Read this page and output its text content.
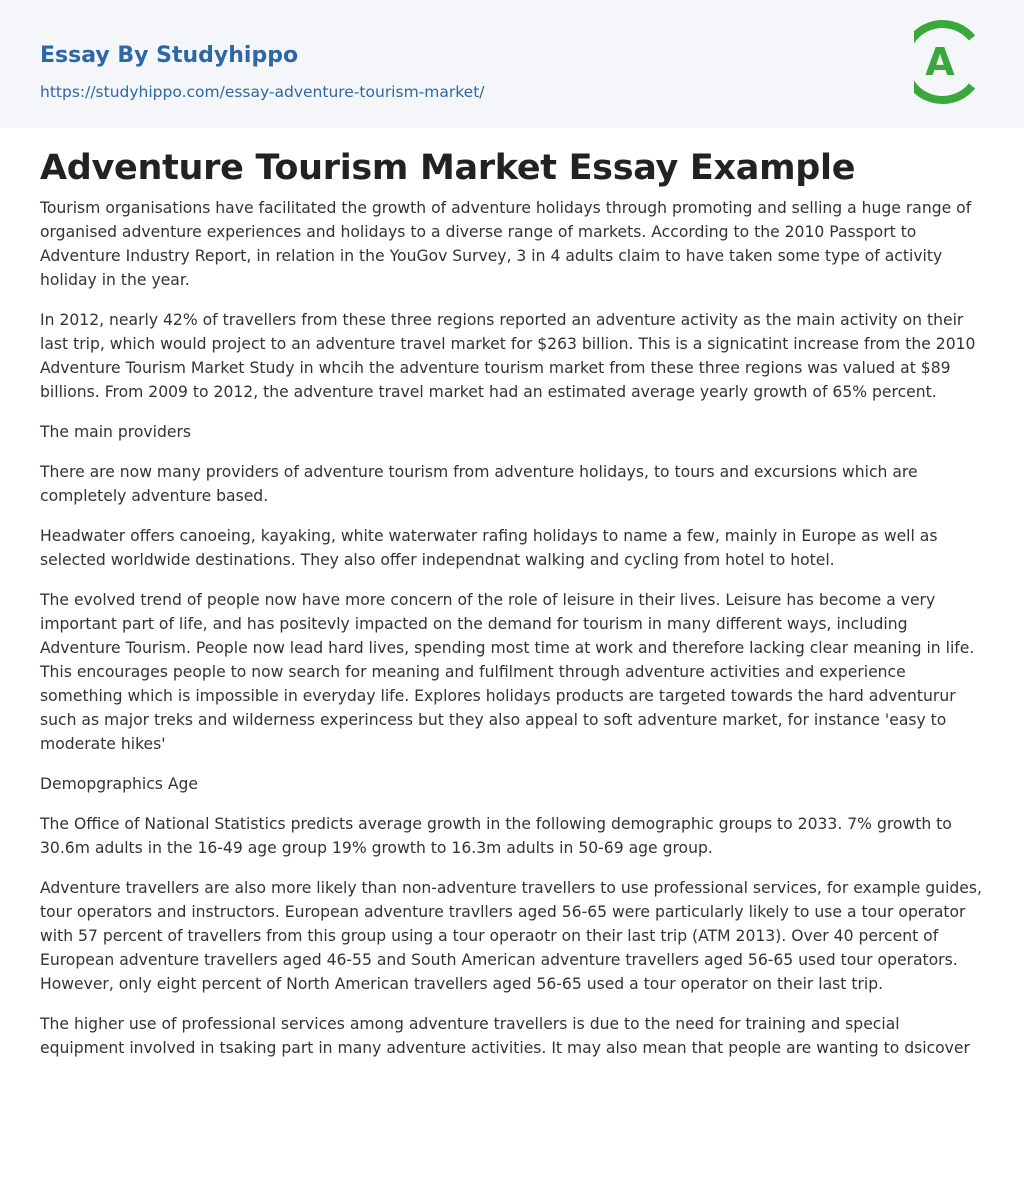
Essay By Studyhippo
https://studyhippo.com/essay-adventure-tourism-market/
A
Adventure Tourism Market Essay Example

Tourism organisations have facilitated the growth of adventure holidays through promoting and selling a huge range of organised adventure experiences and holidays to a diverse range of markets. According to the 2010 Passport to Adventure Industry Report, in relation in the YouGov Survey, 3 in 4 adults claim to have taken some type of activity holiday in the year.

In 2012, nearly 42% of travellers from these three regions reported an adventure activity as the main activity on their last trip, which would project to an adventure travel market for $263 billion. This is a signicatint increase from the 2010 Adventure Tourism Market Study in whcih the adventure tourism market from these three regions was valued at $89 billions. From 2009 to 2012, the adventure travel market had an estimated average yearly growth of 65% percent.

The main providers

There are now many providers of adventure tourism from adventure holidays, to tours and excursions which are completely adventure based.

Headwater offers canoeing, kayaking, white waterwater rafing holidays to name a few, mainly in Europe as well as selected worldwide destinations. They also offer independnat walking and cycling from hotel to hotel.

The evolved trend of people now have more concern of the role of leisure in their lives. Leisure has become a very important part of life, and has positevly impacted on the demand for tourism in many different ways, including Adventure Tourism. People now lead hard lives, spending most time at work and therefore lacking clear meaning in life. This encourages people to now search for meaning and fulfilment through adventure activities and experience something which is impossible in everyday life. Explores holidays products are targeted towards the hard adventurur such as major treks and wilderness experincess but they also appeal to soft adventure market, for instance 'easy to moderate hikes'

Demopgraphics Age

The Office of National Statistics predicts average growth in the following demographic groups to 2033. 7% growth to 30.6m adults in the 16-49 age group 19% growth to 16.3m adults in 50-69 age group.

Adventure travellers are also more likely than non-adventure travellers to use professional services, for example guides, tour operators and instructors. European adventure travllers aged 56-65 were particularly likely to use a tour operator with 57 percent of travellers from this group using a tour operaotr on their last trip (ATM 2013). Over 40 percent of European adventure travellers aged 46-55 and South American adventure travellers aged 56-65 used tour operators. However, only eight percent of North American travellers aged 56-65 used a tour operator on their last trip.

The higher use of professional services among adventure travellers is due to the need for training and special equipment involved in tsaking part in many adventure activities. It may also mean that people are wanting to dsicover
